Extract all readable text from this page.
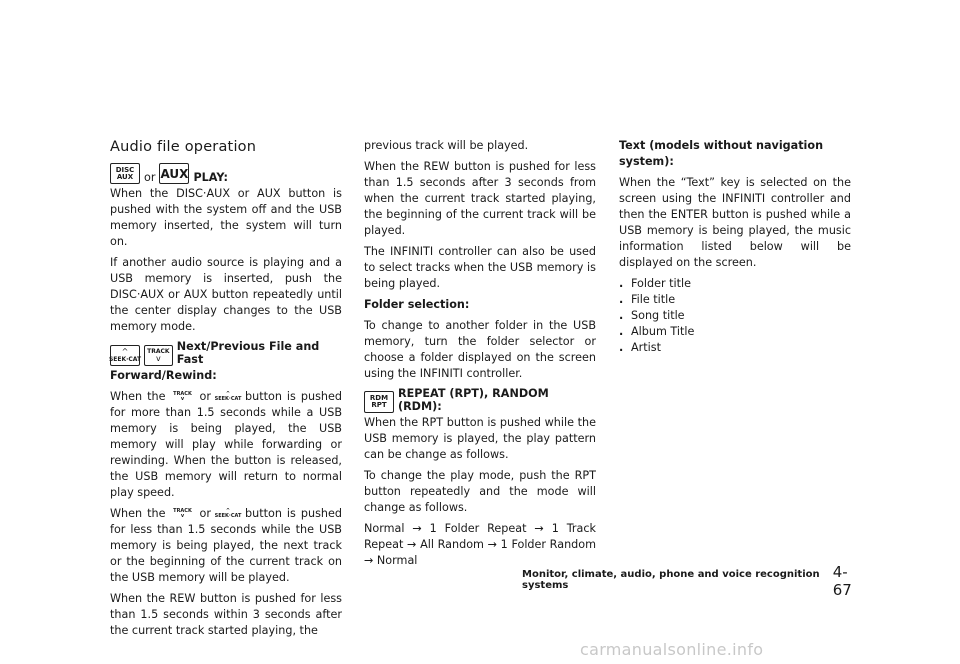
Audio file operation
DISC
AUX or AUX PLAY:

When the DISC·AUX or AUX button is pushed with the system off and the USB memory inserted, the system will turn on.

If another audio source is playing and a USB memory is inserted, push the DISC·AUX or AUX button repeatedly until the center display changes to the USB memory mode.

^
SEEK·CAT
TRACK
v
Next/Previous File and Fast
Forward/Rewind:

When the TRACK
v or	^
SEEK·CAT button is pushed for more than 1.5 seconds while a USB memory is being played, the USB memory will play while forwarding or rewinding. When the button is released, the USB memory will return to normal play speed.

When the TRACK
v or	^
SEEK·CAT button is pushed for less than 1.5 seconds while the USB memory is being played, the next track or the beginning of the current track on the USB memory will be played.

When the REW button is pushed for less than 1.5 seconds within 3 seconds after the current track started playing, the

previous track will be played.

When the REW button is pushed for less than 1.5 seconds after 3 seconds from when the current track started playing, the beginning of the current track will be played.

The INFINITI controller can also be used to select tracks when the USB memory is being played.

Folder selection:

To change to another folder in the USB memory, turn the folder selector or choose a folder displayed on the screen using the INFINITI controller.

RDM
RPT
REPEAT (RPT), RANDOM (RDM):

When the RPT button is pushed while the USB memory is played, the play pattern can be change as follows.

To change the play mode, push the RPT button repeatedly and the mode will change as follows.

Normal → 1 Folder Repeat → 1 Track Repeat → All Random → 1 Folder Random → Normal

Text (models without navigation system):

When the “Text” key is selected on the screen using the INFINITI controller and then the ENTER button is pushed while a USB memory is being played, the music information listed below will be displayed on the screen.

. Folder title
. File title
. Song title
. Album Title
. Artist
Monitor, climate, audio, phone and voice recognition systems
4-67
carmanualsonline.info
